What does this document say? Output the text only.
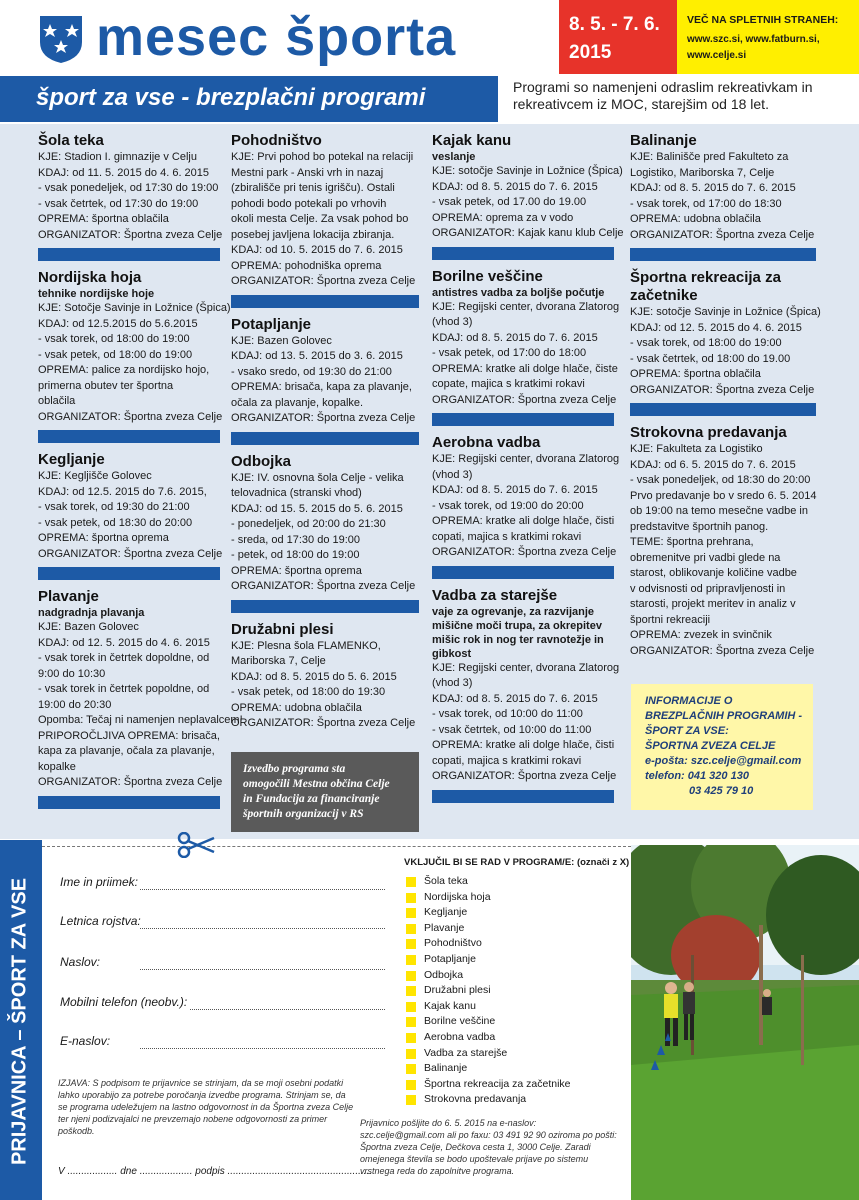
mesec športa	8. 5. - 7. 6.
2015
VEČ NA SPLETNIH STRANEH:
www.szc.si, www.fatburn.si,
www.celje.si
šport za vse - brezplačni programi	Programi so namenjeni odraslim rekreativkam in rekreativcem iz MOC, starejšim od 18 let.
Šola teka
KJE: Stadion I. gimnazije v Celju
KDAJ: od 11. 5. 2015 do 4. 6. 2015
- vsak ponedeljek, od 17:30 do 19:00
- vsak četrtek, od 17:30 do 19:00
OPREMA: športna oblačila
ORGANIZATOR: Športna zveza Celje
Nordijska hoja
tehnike nordijske hoje
KJE: Sotočje Savinje in Ložnice (Špica)
KDAJ: od 12.5.2015 do 5.6.2015
- vsak torek, od 18:00 do 19:00
- vsak petek, od 18:00 do 19:00
OPREMA: palice za nordijsko hojo,
primerna obutev ter športna
oblačila
ORGANIZATOR: Športna zveza Celje
Kegljanje
KJE: Kegljišče Golovec
KDAJ: od 12.5. 2015 do 7.6. 2015,
- vsak torek, od 19:30 do 21:00
- vsak petek, od 18:30 do 20:00
OPREMA: športna oprema
ORGANIZATOR: Športna zveza Celje
Plavanje
nadgradnja plavanja
KJE: Bazen Golovec
KDAJ: od 12. 5. 2015 do 4. 6. 2015
- vsak torek in četrtek dopoldne, od
9:00 do 10:30
- vsak torek in četrtek popoldne, od
19:00 do 20:30
Opomba: Tečaj ni namenjen neplavalcem!
PRIPOROČLJIVA OPREMA: brisača,
kapa za plavanje, očala za plavanje,
kopalke
ORGANIZATOR: Športna zveza Celje
Pohodništvo
KJE: Prvi pohod bo potekal na relaciji
Mestni park - Anski vrh in nazaj
(zbirališče pri tenis igrišču). Ostali
pohodi bodo potekali po vrhovih
okoli mesta Celje. Za vsak pohod bo
posebej javljena lokacija zbiranja.
KDAJ: od 10. 5. 2015 do 7. 6. 2015
OPREMA: pohodniška oprema
ORGANIZATOR: Športna zveza Celje
Potapljanje
KJE: Bazen Golovec
KDAJ: od 13. 5. 2015 do 3. 6. 2015
- vsako sredo, od 19:30 do 21:00
OPREMA: brisača, kapa za plavanje,
očala za plavanje, kopalke.
ORGANIZATOR: Športna zveza Celje
Odbojka
KJE: IV. osnovna šola Celje - velika
telovadnica (stranski vhod)
KDAJ: od 15. 5. 2015 do 5. 6. 2015
- ponedeljek, od 20:00 do 21:30
- sreda, od 17:30 do 19:00
- petek, od 18:00 do 19:00
OPREMA: športna oprema
ORGANIZATOR: Športna zveza Celje
Družabni plesi
KJE: Plesna šola FLAMENKO,
Mariborska 7, Celje
KDAJ: od 8. 5. 2015 do 5. 6. 2015
- vsak petek, od 18:00 do 19:30
OPREMA: udobna oblačila
ORGANIZATOR: Športna zveza Celje
Kajak kanu
veslanje
KJE: sotočje Savinje in Ložnice (Špica)
KDAJ: od 8. 5. 2015 do 7. 6. 2015
- vsak petek, od 17.00 do 19.00
OPREMA: oprema za v vodo
ORGANIZATOR: Kajak kanu klub Celje
Borilne veščine
antistres vadba za boljše počutje
KJE: Regijski center, dvorana Zlatorog
(vhod 3)
KDAJ: od 8. 5. 2015 do 7. 6. 2015
- vsak petek, od 17:00 do 18:00
OPREMA: kratke ali dolge hlače, čiste
copate, majica s kratkimi rokavi
ORGANIZATOR: Športna zveza Celje
Aerobna vadba
KJE: Regijski center, dvorana Zlatorog
(vhod 3)
KDAJ: od 8. 5. 2015 do 7. 6. 2015
- vsak torek, od 19:00 do 20:00
OPREMA: kratke ali dolge hlače, čisti
copati, majica s kratkimi rokavi
ORGANIZATOR: Športna zveza Celje
Vadba za starejše
vaje za ogrevanje, za razvijanje mišične moči trupa, za okrepitev mišic rok in nog ter ravnotežje in gibkost
KJE: Regijski center, dvorana Zlatorog
(vhod 3)
KDAJ: od 8. 5. 2015 do 7. 6. 2015
- vsak torek, od 10:00 do 11:00
- vsak četrtek, od 10:00 do 11:00
OPREMA: kratke ali dolge hlače, čisti
copati, majica s kratkimi rokavi
ORGANIZATOR: Športna zveza Celje
Balinanje
KJE: Balinišče pred Fakulteto za
Logistiko, Mariborska 7, Celje
KDAJ: od 8. 5. 2015 do 7. 6. 2015
- vsak torek, od 17:00 do 18:30
OPREMA: udobna oblačila
ORGANIZATOR: Športna zveza Celje
Športna rekreacija za začetnike
KJE: sotočje Savinje in Ložnice (Špica)
KDAJ: od 12. 5. 2015 do 4. 6. 2015
- vsak torek, od 18:00 do 19:00
- vsak četrtek, od 18:00 do 19.00
OPREMA: športna oblačila
ORGANIZATOR: Športna zveza Celje
Strokovna predavanja
KJE: Fakulteta za Logistiko
KDAJ: od 6. 5. 2015 do 7. 6. 2015
- vsak ponedeljek, od 18:30 do 20:00
Prvo predavanje bo v sredo 6. 5. 2014
ob 19:00 na temo mesečne vadbe in
predstavitve športnih panog.
TEME: športna prehrana,
obremenitve pri vadbi glede na
starost, oblikovanje količine vadbe
v odvisnosti od pripravljenosti in
starosti, projekt meritev in analiz v
športni rekreaciji
OPREMA: zvezek in svinčnik
ORGANIZATOR: Športna zveza Celje
Izvedbo programa sta
omogočili Mestna občina Celje
in Fundacija za financiranje
športnih organizacij v RS
INFORMACIJE O
BREZPLAČNIH PROGRAMIH -
ŠPORT ZA VSE:
ŠPORTNA ZVEZA CELJE
e-pošta: szc.celje@gmail.com
telefon: 041 320 130
03 425 79 10
PRIJAVNICA – ŠPORT ZA VSE Ime in priimek:
Letnica rojstva:
Naslov:
Mobilni telefon (neobv.):
E-naslov:
VKLJUČIL BI SE RAD V PROGRAM/E: (označi z X)
Šola teka
Nordijska hoja
Kegljanje
Plavanje
Pohodništvo
Potapljanje
Odbojka
Družabni plesi
Kajak kanu
Borilne veščine
Aerobna vadba
Vadba za starejše
Balinanje
Športna rekreacija za začetnike
Strokovna predavanja
IZJAVA: S podpisom te prijavnice se strinjam, da se moji osebni podatki lahko uporabijo za potrebe poročanja izvedbe programa. Strinjam se, da se programa udeležujem na lastno odgovornost in da Športna zveza Celje ter njeni podizvajalci ne prevzemajo nobene odgovornosti za primer poškodb.
Prijavnico pošljite do 6. 5. 2015 na e-naslov: szc.celje@gmail.com ali po faxu: 03 491 92 90 oziroma po pošti: Športna zveza Celje, Dečkova cesta 1, 3000 Celje. Zaradi omejenega števila se bodo upoštevale prijave po sistemu vrstnega reda do zapolnitve programa.
V .................. dne ................... podpis ....................................................
